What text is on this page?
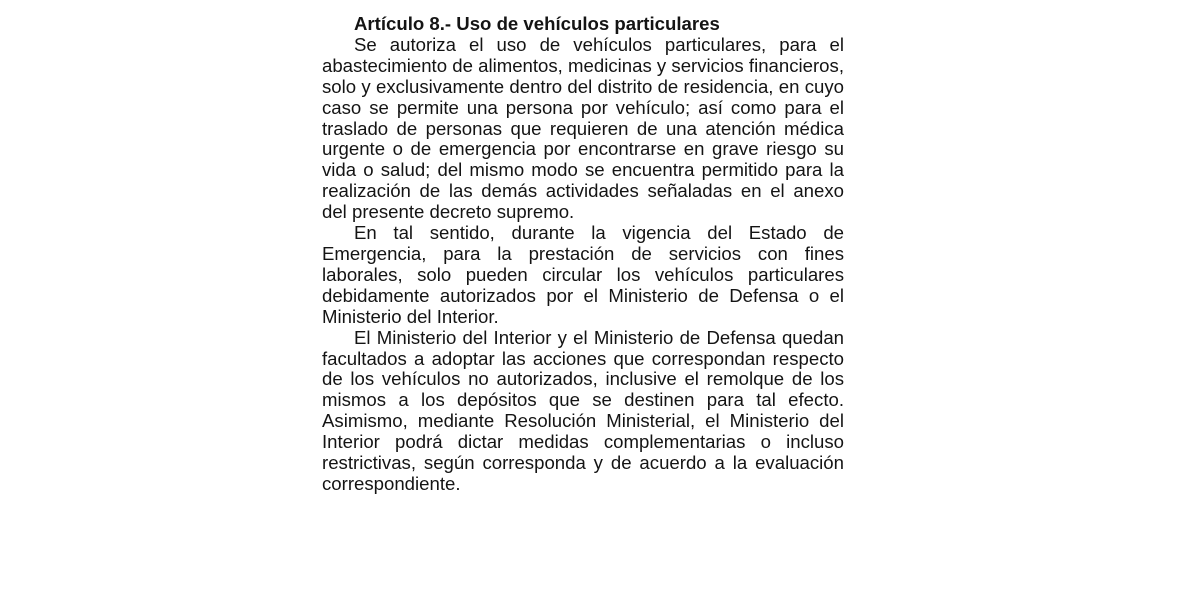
Artículo 8.- Uso de vehículos particulares

Se autoriza el uso de vehículos particulares, para el abastecimiento de alimentos, medicinas y servicios financieros, solo y exclusivamente dentro del distrito de residencia, en cuyo caso se permite una persona por vehículo; así como para el traslado de personas que requieren de una atención médica urgente o de emergencia por encontrarse en grave riesgo su vida o salud; del mismo modo se encuentra permitido para la realización de las demás actividades señaladas en el anexo del presente decreto supremo.

En tal sentido, durante la vigencia del Estado de Emergencia, para la prestación de servicios con fines laborales, solo pueden circular los vehículos particulares debidamente autorizados por el Ministerio de Defensa o el Ministerio del Interior.

El Ministerio del Interior y el Ministerio de Defensa quedan facultados a adoptar las acciones que correspondan respecto de los vehículos no autorizados, inclusive el remolque de los mismos a los depósitos que se destinen para tal efecto. Asimismo, mediante Resolución Ministerial, el Ministerio del Interior podrá dictar medidas complementarias o incluso restrictivas, según corresponda y de acuerdo a la evaluación correspondiente.
